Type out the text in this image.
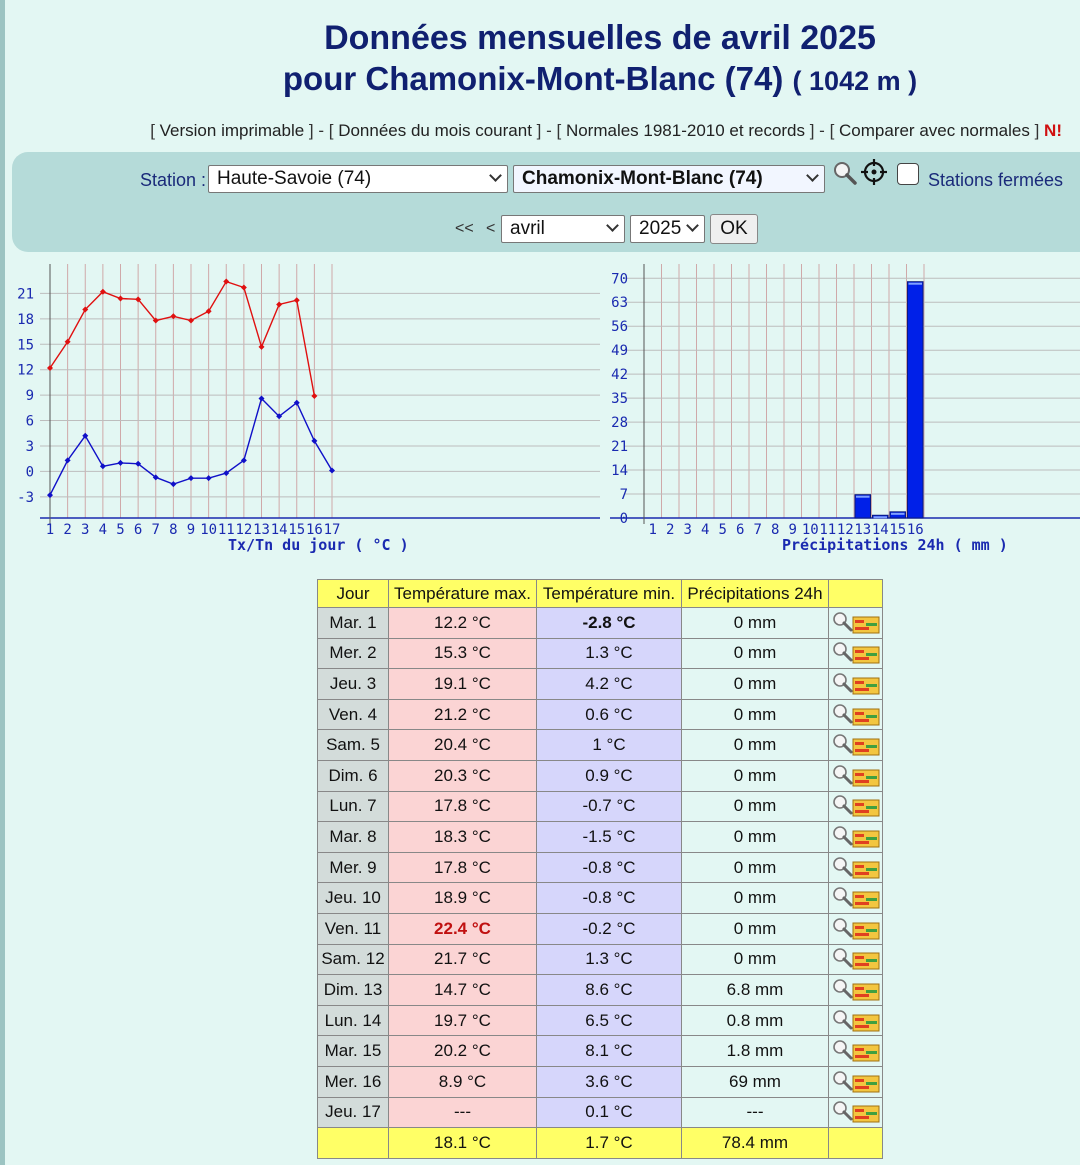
Données mensuelles de avril 2025
pour Chamonix-Mont-Blanc (74) ( 1042 m )
[ Version imprimable ] - [ Données du mois courant ] - [ Normales 1981-2010 et records ] - [ Comparer avec normales ] N!
Station : Haute-Savoie (74)	Chamonix-Mont-Blanc (74)	Stations fermées
<< < avril	2025	OK
-3
0
3
6
9
12
15
18
21
1 2 3 4 5 6 7 8 9 10 11 12 13 14 15 16 17
Tx/Tn du jour ( °C )
0
7
14
21
28
35
42
49
56
63
70
1 2 3 4 5 6 7 8 9 10 11 12 13 14 15 16
Précipitations 24h ( mm )
Jour	Température max.	Température min.	Précipitations 24h	
Mar. 1	12.2 °C	-2.8 °C	0 mm	
Mer. 2	15.3 °C	1.3 °C	0 mm	
Jeu. 3	19.1 °C	4.2 °C	0 mm	
Ven. 4	21.2 °C	0.6 °C	0 mm	
Sam. 5	20.4 °C	1 °C	0 mm	
Dim. 6	20.3 °C	0.9 °C	0 mm	
Lun. 7	17.8 °C	-0.7 °C	0 mm	
Mar. 8	18.3 °C	-1.5 °C	0 mm	
Mer. 9	17.8 °C	-0.8 °C	0 mm	
Jeu. 10	18.9 °C	-0.8 °C	0 mm	
Ven. 11	22.4 °C	-0.2 °C	0 mm	
Sam. 12	21.7 °C	1.3 °C	0 mm	
Dim. 13	14.7 °C	8.6 °C	6.8 mm	
Lun. 14	19.7 °C	6.5 °C	0.8 mm	
Mar. 15	20.2 °C	8.1 °C	1.8 mm	
Mer. 16	8.9 °C	3.6 °C	69 mm	
Jeu. 17	---	0.1 °C	---	
	18.1 °C	1.7 °C	78.4 mm	
